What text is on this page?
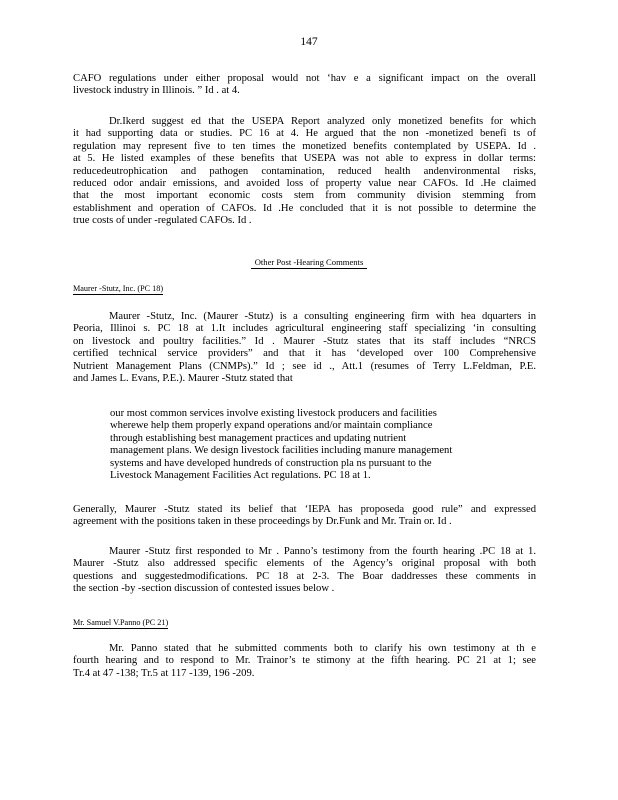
147
CAFO regulations under either proposal would not ‘hav e a significant impact on the overall
livestock industry in Illinois. ” Id . at 4.
Dr.Ikerd suggest ed that the USEPA Report analyzed only monetized benefits for which
it had supporting data or studies. PC 16 at 4. He argued that the non -monetized benefi ts of
regulation may represent five to ten times the monetized benefits contemplated by USEPA. Id .
at 5. He listed examples of these benefits that USEPA was not able to express in dollar terms:
reducedeutrophication and pathogen contamination, reduced health andenvironmental risks,
reduced odor andair emissions, and avoided loss of property value near CAFOs. Id .He claimed
that the most important economic costs stem from community division stemming from
establishment and operation of CAFOs. Id .He concluded that it is not possible to determine the
true costs of under -regulated CAFOs. Id .
Other Post -Hearing Comments
Maurer -Stutz, Inc. (PC 18)
Maurer -Stutz, Inc. (Maurer -Stutz) is a consulting engineering firm with hea dquarters in
Peoria, Illinoi s. PC 18 at 1.It includes agricultural engineering staff specializing ‘in consulting
on livestock and poultry facilities.” Id . Maurer -Stutz states that its staff includes “NRCS
certified technical service providers” and that it has ‘developed over 100 Comprehensive
Nutrient Management Plans (CNMPs).” Id ; see id ., Att.1 (resumes of Terry L.Feldman, P.E.
and James L. Evans, P.E.). Maurer -Stutz stated that
our most common services involve existing livestock producers and facilities
wherewe help them properly expand operations and/or maintain compliance
through establishing best management practices and updating nutrient
management plans. We design livestock facilities including manure management
systems and have developed hundreds of construction pla ns pursuant to the
Livestock Management Facilities Act regulations. PC 18 at 1.
Generally, Maurer -Stutz stated its belief that ‘IEPA has proposeda good rule” and expressed
agreement with the positions taken in these proceedings by Dr.Funk and Mr. Train or. Id .
Maurer -Stutz first responded to Mr . Panno’s testimony from the fourth hearing .PC 18 at 1.
Maurer -Stutz also addressed specific elements of the Agency’s original proposal with both
questions and suggestedmodifications. PC 18 at 2-3. The Boar daddresses these comments in
the section -by -section discussion of contested issues below .
Mr. Samuel V.Panno (PC 21)
Mr. Panno stated that he submitted comments both to clarify his own testimony at th e
fourth hearing and to respond to Mr. Trainor’s te stimony at the fifth hearing. PC 21 at 1; see
Tr.4 at 47 -138; Tr.5 at 117 -139, 196 -209.
